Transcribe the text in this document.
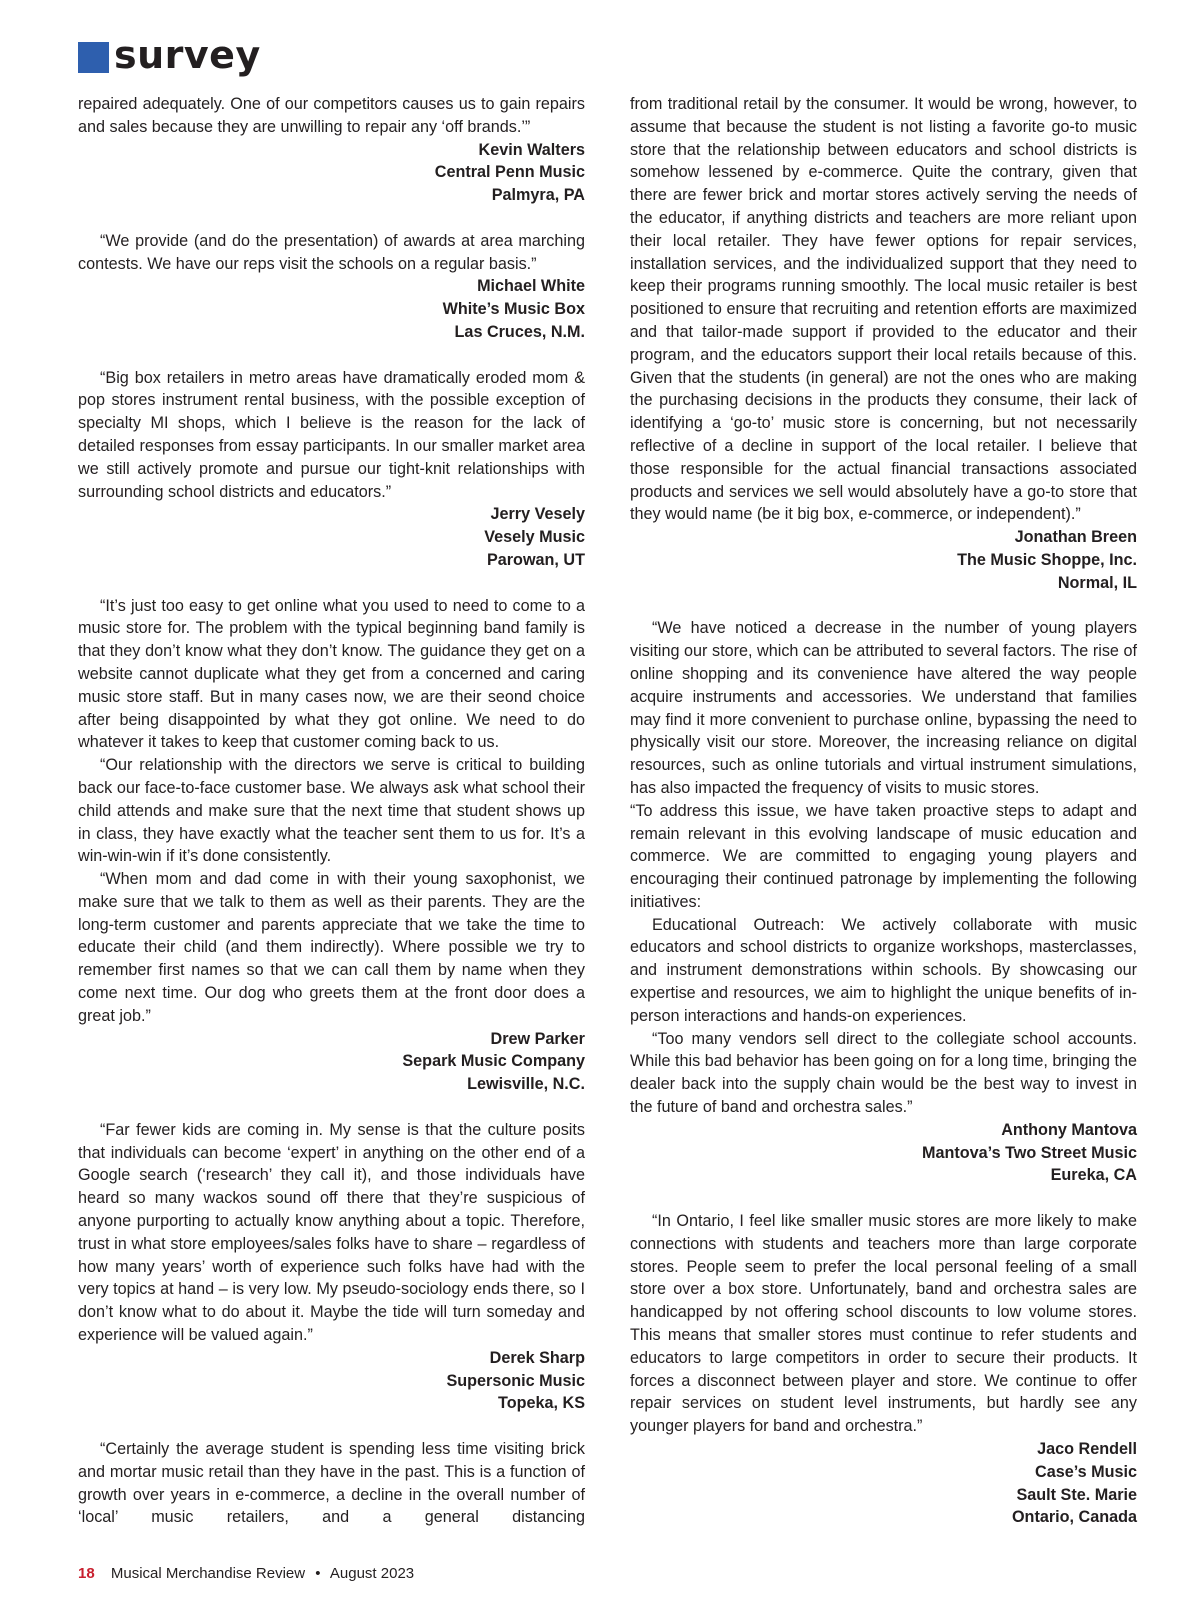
survey

repaired adequately. One of our competitors causes us to gain repairs and sales because they are unwilling to repair any ‘off brands.’”

Kevin Walters
Central Penn Music
Palmyra, PA

“We provide (and do the presentation) of awards at area marching contests. We have our reps visit the schools on a regular basis.”

Michael White
White’s Music Box
Las Cruces, N.M.

“Big box retailers in metro areas have dramatically eroded mom & pop stores instrument rental business, with the possible exception of specialty MI shops, which I believe is the reason for the lack of detailed responses from essay participants. In our smaller market area we still actively promote and pursue our tight-knit relationships with surrounding school districts and educators.”

Jerry Vesely
Vesely Music
Parowan, UT

“It’s just too easy to get online what you used to need to come to a music store for. The problem with the typical beginning band family is that they don’t know what they don’t know. The guidance they get on a website cannot duplicate what they get from a concerned and caring music store staff. But in many cases now, we are their seond choice after being disappointed by what they got online. We need to do whatever it takes to keep that customer coming back to us.

“Our relationship with the directors we serve is critical to building back our face-to-face customer base. We always ask what school their child attends and make sure that the next time that student shows up in class, they have exactly what the teacher sent them to us for. It’s a win-win-win if it’s done consistently.

“When mom and dad come in with their young saxophonist, we make sure that we talk to them as well as their parents. They are the long-term customer and parents appreciate that we take the time to educate their child (and them indirectly). Where possible we try to remember first names so that we can call them by name when they come next time. Our dog who greets them at the front door does a great job.”

Drew Parker
Separk Music Company
Lewisville, N.C.

“Far fewer kids are coming in. My sense is that the culture posits that individuals can become ‘expert’ in anything on the other end of a Google search (‘research’ they call it), and those individuals have heard so many wackos sound off there that they’re suspicious of anyone purporting to actually know anything about a topic. Therefore, trust in what store employees/sales folks have to share – regardless of how many years’ worth of experience such folks have had with the very topics at hand – is very low. My pseudo-sociology ends there, so I don’t know what to do about it. Maybe the tide will turn someday and experience will be valued again.”

Derek Sharp
Supersonic Music
Topeka, KS

“Certainly the average student is spending less time visiting brick and mortar music retail than they have in the past. This is a function of growth over years in e-commerce, a decline in the overall number of ‘local’ music retailers, and a general distancing

from traditional retail by the consumer. It would be wrong, however, to assume that because the student is not listing a favorite go-to music store that the relationship between educators and school districts is somehow lessened by e-commerce. Quite the contrary, given that there are fewer brick and mortar stores actively serving the needs of the educator, if anything districts and teachers are more reliant upon their local retailer. They have fewer options for repair services, installation services, and the individualized support that they need to keep their programs running smoothly. The local music retailer is best positioned to ensure that recruiting and retention efforts are maximized and that tailor-made support if provided to the educator and their program, and the educators support their local retails because of this. Given that the students (in general) are not the ones who are making the purchasing decisions in the products they consume, their lack of identifying a ‘go-to’ music store is concerning, but not necessarily reflective of a decline in support of the local retailer. I believe that those responsible for the actual financial transactions associated products and services we sell would absolutely have a go-to store that they would name (be it big box, e-commerce, or independent).”

Jonathan Breen
The Music Shoppe, Inc.
Normal, IL

“We have noticed a decrease in the number of young players visiting our store, which can be attributed to several factors. The rise of online shopping and its convenience have altered the way people acquire instruments and accessories. We understand that families may find it more convenient to purchase online, bypassing the need to physically visit our store. Moreover, the increasing reliance on digital resources, such as online tutorials and virtual instrument simulations, has also impacted the frequency of visits to music stores.

“To address this issue, we have taken proactive steps to adapt and remain relevant in this evolving landscape of music education and commerce. We are committed to engaging young players and encouraging their continued patronage by implementing the following initiatives:

Educational Outreach: We actively collaborate with music educators and school districts to organize workshops, masterclasses, and instrument demonstrations within schools. By showcasing our expertise and resources, we aim to highlight the unique benefits of in-person interactions and hands-on experiences.

“Too many vendors sell direct to the collegiate school accounts. While this bad behavior has been going on for a long time, bringing the dealer back into the supply chain would be the best way to invest in the future of band and orchestra sales.”

Anthony Mantova
Mantova’s Two Street Music
Eureka, CA

“In Ontario, I feel like smaller music stores are more likely to make connections with students and teachers more than large corporate stores. People seem to prefer the local personal feeling of a small store over a box store. Unfortunately, band and orchestra sales are handicapped by not offering school discounts to low volume stores. This means that smaller stores must continue to refer students and educators to large competitors in order to secure their products. It forces a disconnect between player and store. We continue to offer repair services on student level instruments, but hardly see any younger players for band and orchestra.”

Jaco Rendell
Case’s Music
Sault Ste. Marie
Ontario, Canada
18 Musical Merchandise Review • August 2023
